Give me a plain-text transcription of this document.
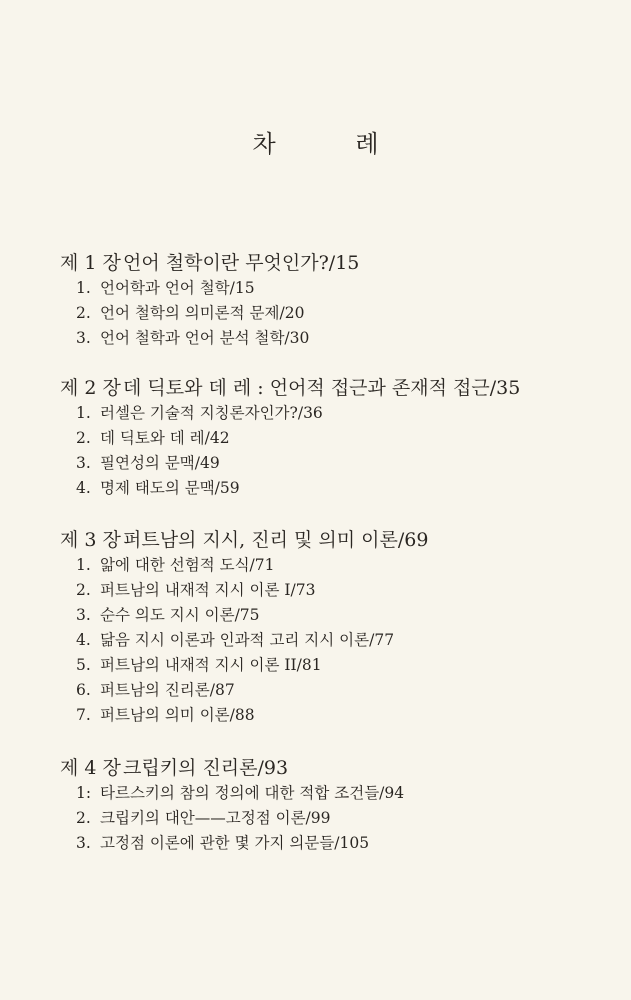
차 례
제 1 장 언어 철학이란 무엇인가?/15
1. 언어학과 언어 철학/15
2. 언어 철학의 의미론적 문제/20
3. 언어 철학과 언어 분석 철학/30
제 2 장 데 딕토와 데 레 : 언어적 접근과 존재적 접근/35
1. 러셀은 기술적 지칭론자인가?/36
2. 데 딕토와 데 레/42
3. 필연성의 문맥/49
4. 명제 태도의 문맥/59
제 3 장 퍼트남의 지시, 진리 및 의미 이론/69
1. 앎에 대한 선험적 도식/71
2. 퍼트남의 내재적 지시 이론 I/73
3. 순수 의도 지시 이론/75
4. 닮음 지시 이론과 인과적 고리 지시 이론/77
5. 퍼트남의 내재적 지시 이론 II/81
6. 퍼트남의 진리론/87
7. 퍼트남의 의미 이론/88
제 4 장 크립키의 진리론/93
1: 타르스키의 참의 정의에 대한 적합 조건들/94
2. 크립키의 대안——고정점 이론/99
3. 고정점 이론에 관한 몇 가지 의문들/105
